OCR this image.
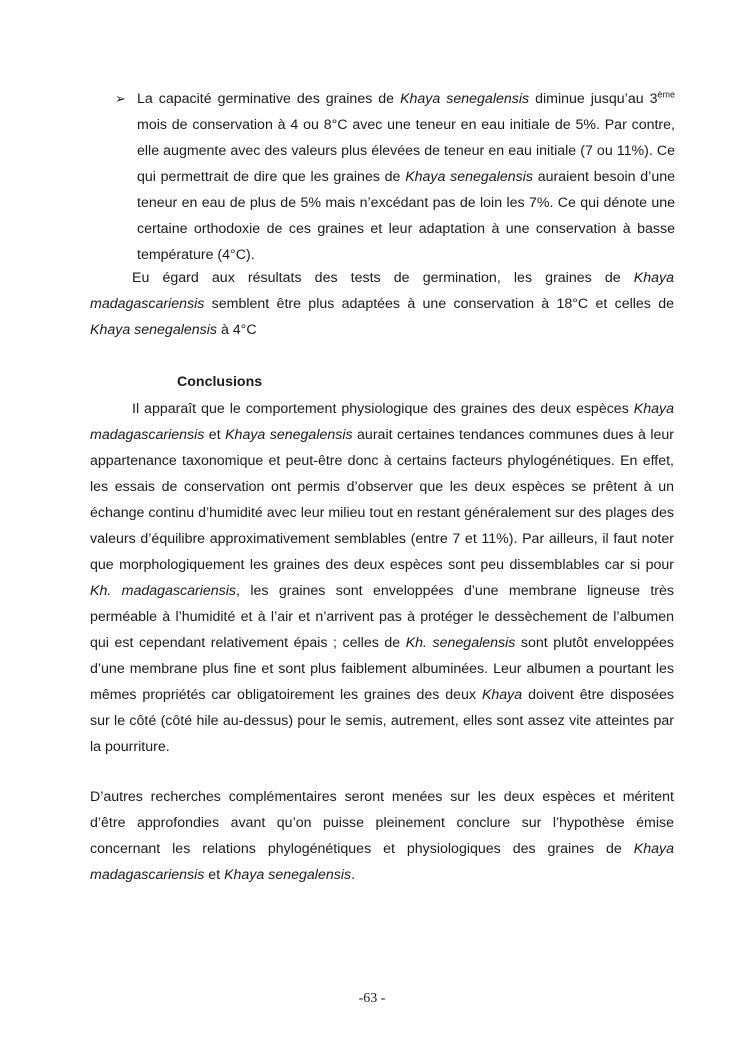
➢ La capacité germinative des graines de Khaya senegalensis diminue jusqu’au 3ème mois de conservation à 4 ou 8°C avec une teneur en eau initiale de 5%. Par contre, elle augmente avec des valeurs plus élevées de teneur en eau initiale (7 ou 11%). Ce qui permettrait de dire que les graines de Khaya senegalensis auraient besoin d’une teneur en eau de plus de 5% mais n’excédant pas de loin les 7%. Ce qui dénote une certaine orthodoxie de ces graines et leur adaptation à une conservation à basse température (4°C).

Eu égard aux résultats des tests de germination, les graines de Khaya madagascariensis semblent être plus adaptées à une conservation à 18°C et celles de Khaya senegalensis à 4°C

Conclusions

Il apparaît que le comportement physiologique des graines des deux espèces Khaya madagascariensis et Khaya senegalensis aurait certaines tendances communes dues à leur appartenance taxonomique et peut-être donc à certains facteurs phylogénétiques. En effet, les essais de conservation ont permis d’observer que les deux espèces se prêtent à un échange continu d’humidité avec leur milieu tout en restant généralement sur des plages des valeurs d’équilibre approximativement semblables (entre 7 et 11%). Par ailleurs, il faut noter que morphologiquement les graines des deux espèces sont peu dissemblables car si pour Kh. madagascariensis, les graines sont enveloppées d’une membrane ligneuse très perméable à l’humidité et à l’air et n’arrivent pas à protéger le dessèchement de l’albumen qui est cependant relativement épais ; celles de Kh. senegalensis sont plutôt enveloppées d’une membrane plus fine et sont plus faiblement albuminées. Leur albumen a pourtant les mêmes propriétés car obligatoirement les graines des deux Khaya doivent être disposées sur le côté (côté hile au-dessus) pour le semis, autrement, elles sont assez vite atteintes par la pourriture.

D’autres recherches complémentaires seront menées sur les deux espèces et méritent d’être approfondies avant qu’on puisse pleinement conclure sur l’hypothèse émise concernant les relations phylogénétiques et physiologiques des graines de Khaya madagascariensis et Khaya senegalensis.

-63 -
